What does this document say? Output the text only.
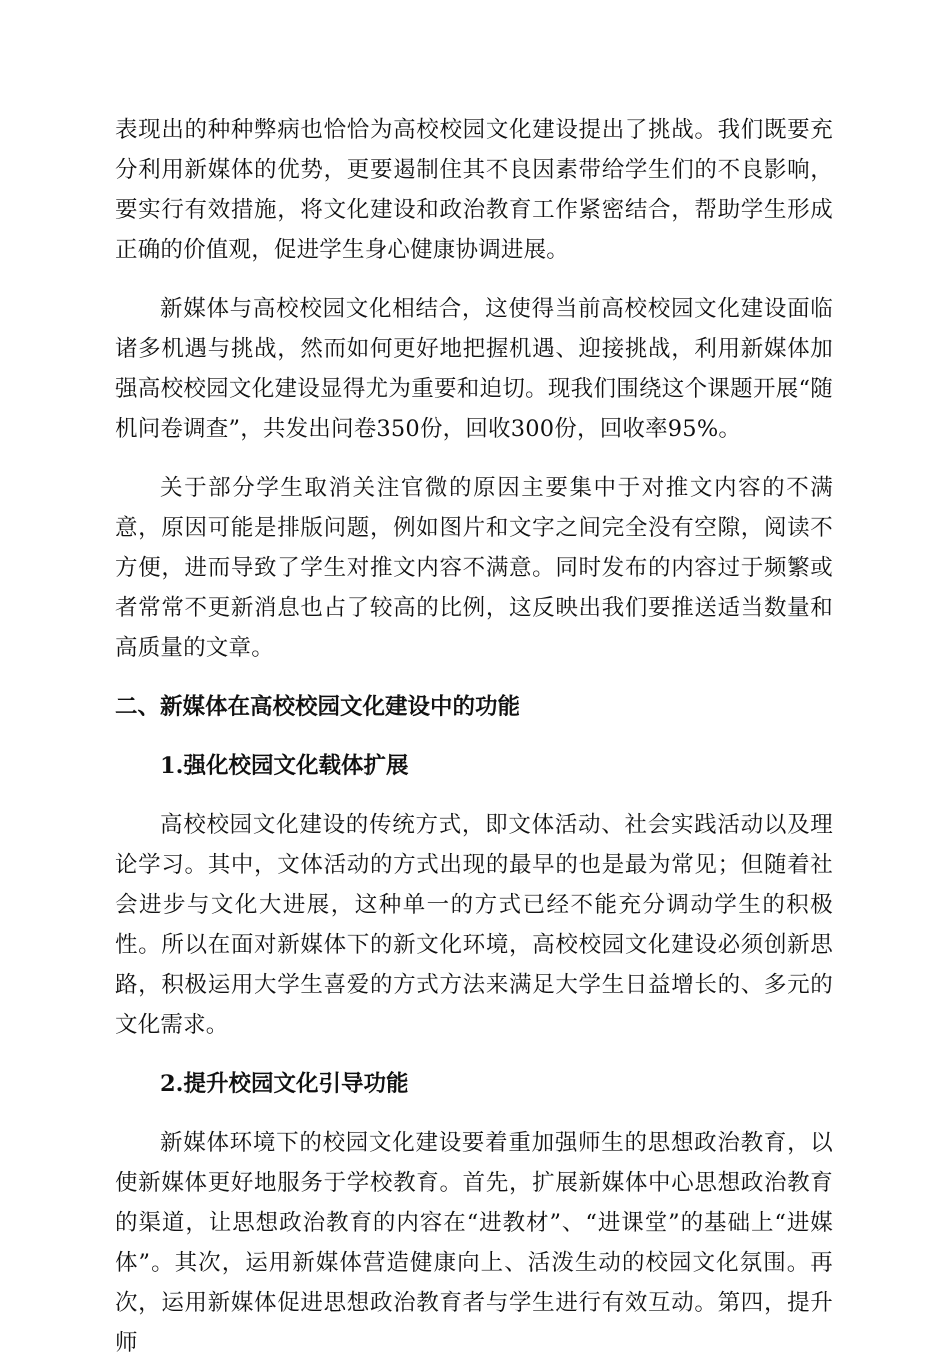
表现出的种种弊病也恰恰为高校校园文化建设提出了挑战。我们既要充分利用新媒体的优势，更要遏制住其不良因素带给学生们的不良影响，要实行有效措施，将文化建设和政治教育工作紧密结合，帮助学生形成正确的价值观，促进学生身心健康协调进展。

新媒体与高校校园文化相结合，这使得当前高校校园文化建设面临诸多机遇与挑战，然而如何更好地把握机遇、迎接挑战，利用新媒体加强高校校园文化建设显得尤为重要和迫切。现我们围绕这个课题开展“随机问卷调查”，共发出问卷350份，回收300份，回收率95%。

关于部分学生取消关注官微的原因主要集中于对推文内容的不满意，原因可能是排版问题，例如图片和文字之间完全没有空隙，阅读不方便，进而导致了学生对推文内容不满意。同时发布的内容过于频繁或者常常不更新消息也占了较高的比例，这反映出我们要推送适当数量和高质量的文章。

二、新媒体在高校校园文化建设中的功能
1.强化校园文化载体扩展

高校校园文化建设的传统方式，即文体活动、社会实践活动以及理论学习。其中，文体活动的方式出现的最早的也是最为常见；但随着社会进步与文化大进展，这种单一的方式已经不能充分调动学生的积极性。所以在面对新媒体下的新文化环境，高校校园文化建设必须创新思路，积极运用大学生喜爱的方式方法来满足大学生日益增长的、多元的文化需求。

2.提升校园文化引导功能

新媒体环境下的校园文化建设要着重加强师生的思想政治教育，以使新媒体更好地服务于学校教育。首先，扩展新媒体中心思想政治教育的渠道，让思想政治教育的内容在“进教材”、“进课堂”的基础上“进媒体”。其次，运用新媒体营造健康向上、活泼生动的校园文化氛围。再次，运用新媒体促进思想政治教育者与学生进行有效互动。第四，提升师
